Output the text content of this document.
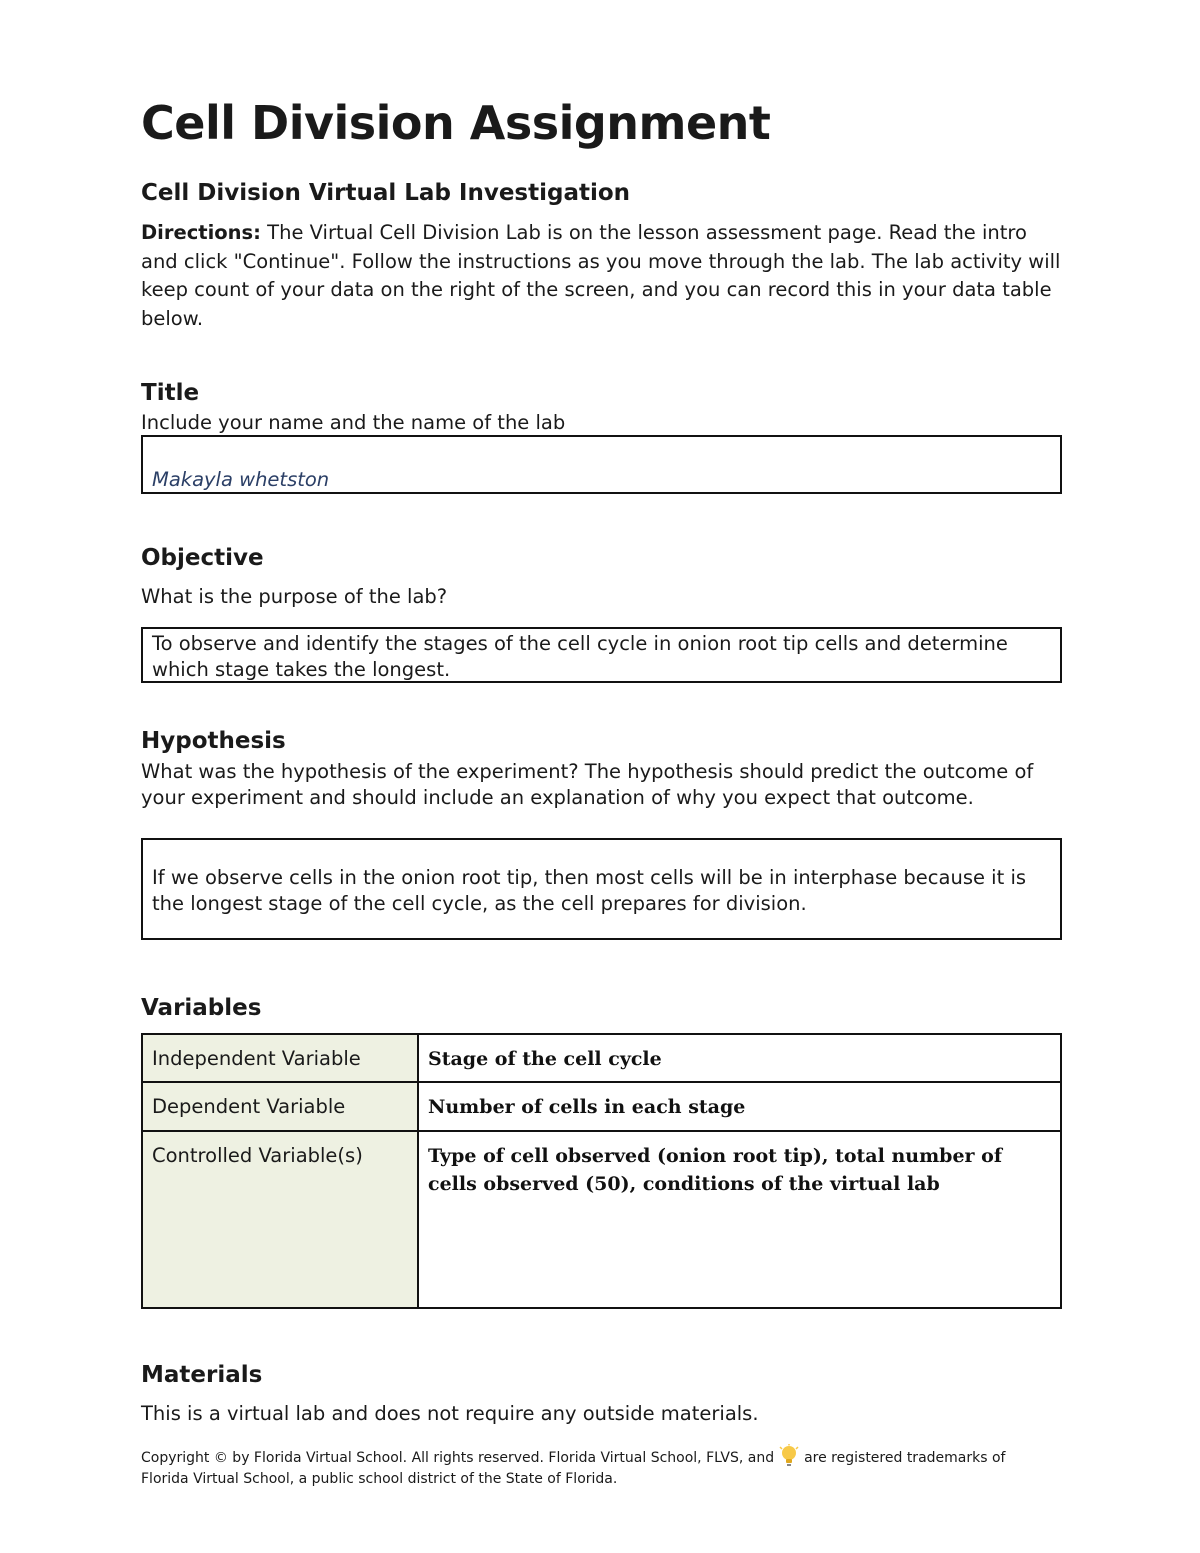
Cell Division Assignment
Cell Division Virtual Lab Investigation

Directions: The Virtual Cell Division Lab is on the lesson assessment page. Read the intro and click "Continue". Follow the instructions as you move through the lab. The lab activity will keep count of your data on the right of the screen, and you can record this in your data table below.

Title

Include your name and the name of the lab

Makayla whetston
Objective

What is the purpose of the lab?

To observe and identify the stages of the cell cycle in onion root tip cells and determine which stage takes the longest.
Hypothesis

What was the hypothesis of the experiment? The hypothesis should predict the outcome of your experiment and should include an explanation of why you expect that outcome.

If we observe cells in the onion root tip, then most cells will be in interphase because it is the longest stage of the cell cycle, as the cell prepares for division.
Variables
Independent Variable	Stage of the cell cycle
Dependent Variable	Number of cells in each stage
Controlled Variable(s)	Type of cell observed (onion root tip), total number of cells observed (50), conditions of the virtual lab
Materials

This is a virtual lab and does not require any outside materials.

Copyright © by Florida Virtual School. All rights reserved. Florida Virtual School, FLVS, and are registered trademarks of Florida Virtual School, a public school district of the State of Florida.
